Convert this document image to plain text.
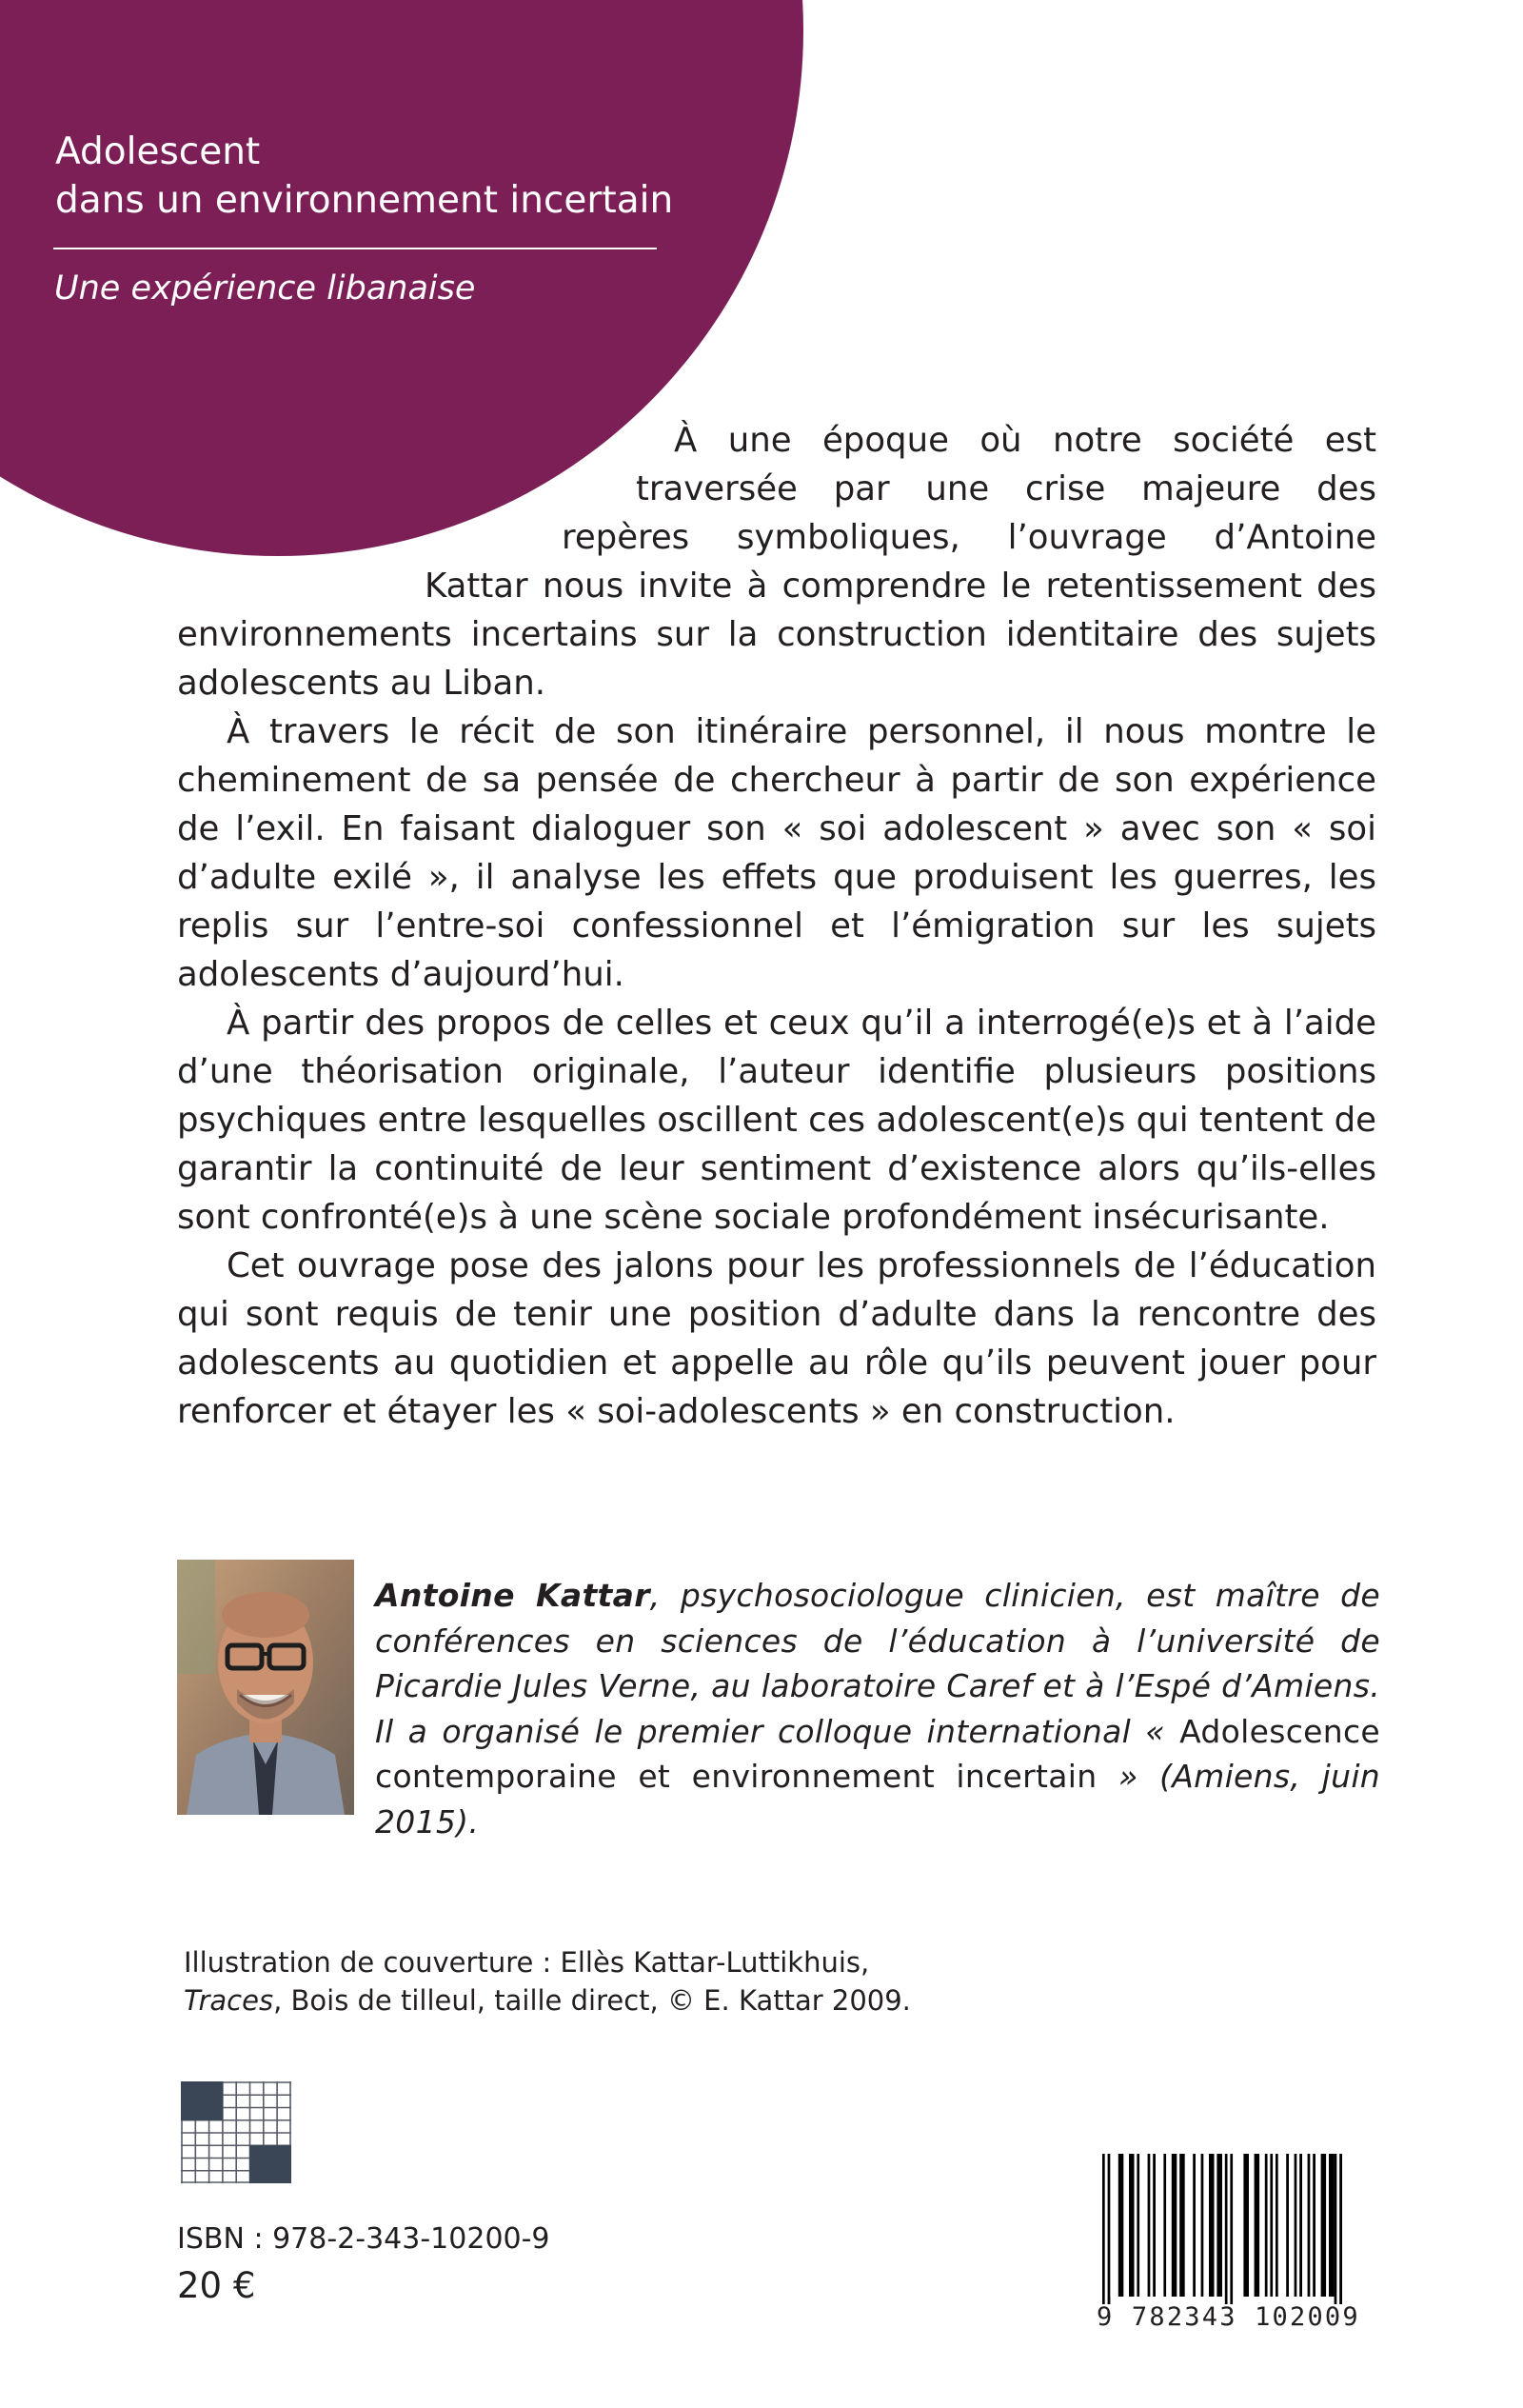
Adolescent
dans un environnement incertain
Une expérience libanaise

À une époque où notre société est traversée par une crise majeure des repères symboliques, l’ouvrage d’Antoine Kattar nous invite à comprendre le retentissement des environnements incertains sur la construction identitaire des sujets adolescents au Liban.

À travers le récit de son itinéraire personnel, il nous montre le cheminement de sa pensée de chercheur à partir de son expérience de l’exil. En faisant dialoguer son « soi adolescent » avec son « soi d’adulte exilé », il analyse les effets que produisent les guerres, les replis sur l’entre-soi confessionnel et l’émigration sur les sujets adolescents d’aujourd’hui.

À partir des propos de celles et ceux qu’il a interrogé(e)s et à l’aide d’une théorisation originale, l’auteur identifie plusieurs positions psychiques entre lesquelles oscillent ces adolescent(e)s qui tentent de garantir la continuité de leur sentiment d’existence alors qu’ils-elles sont confronté(e)s à une scène sociale profondément insécurisante.

Cet ouvrage pose des jalons pour les professionnels de l’éducation qui sont requis de tenir une position d’adulte dans la rencontre des adolescents au quotidien et appelle au rôle qu’ils peuvent jouer pour renforcer et étayer les « soi-adolescents » en construction.

Antoine Kattar, psychosociologue clinicien, est maître de conférences en sciences de l’éducation à l’université de Picardie Jules Verne, au laboratoire Caref et à l’Espé d’Amiens. Il a organisé le premier colloque international « Adolescence contemporaine et environnement incertain » (Amiens, juin 2015).
Illustration de couverture : Ellès Kattar-Luttikhuis,
Traces, Bois de tilleul, taille direct, © E. Kattar 2009.
ISBN : 978-2-343-10200-9
20 €
9 782343 102009
